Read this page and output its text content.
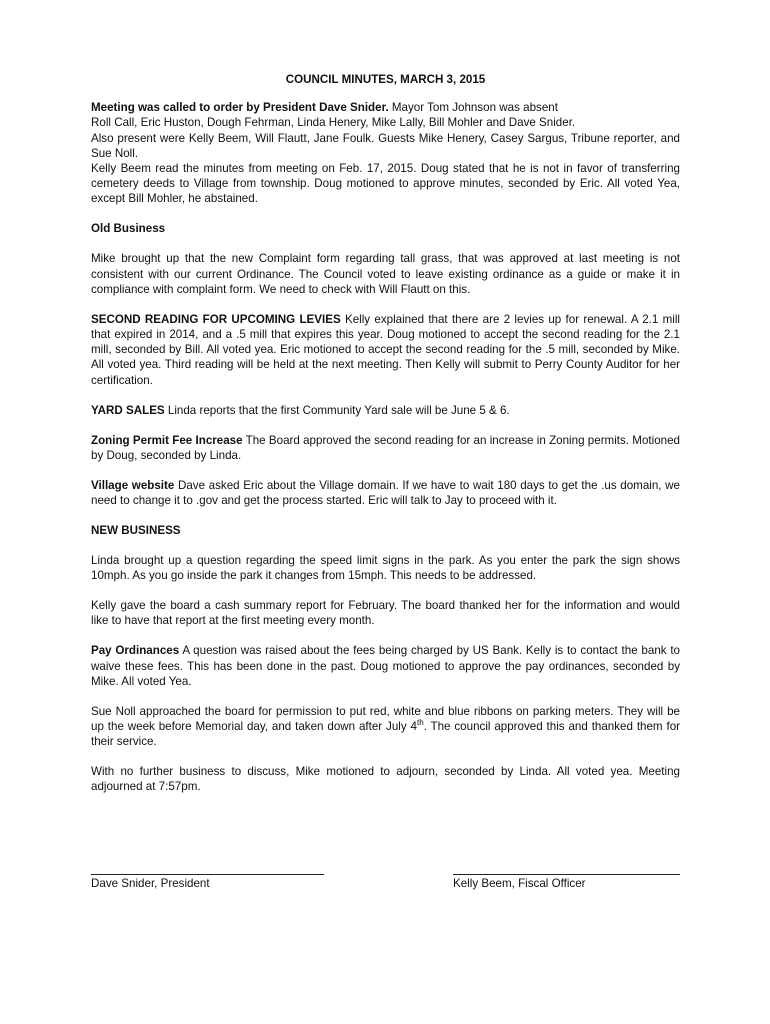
COUNCIL MINUTES, MARCH 3, 2015

Meeting was called to order by President Dave Snider. Mayor Tom Johnson was absent

Roll Call, Eric Huston, Dough Fehrman, Linda Henery, Mike Lally, Bill Mohler and Dave Snider.

Also present were Kelly Beem, Will Flautt, Jane Foulk. Guests Mike Henery, Casey Sargus, Tribune reporter, and Sue Noll.

Kelly Beem read the minutes from meeting on Feb. 17, 2015. Doug stated that he is not in favor of transferring cemetery deeds to Village from township. Doug motioned to approve minutes, seconded by Eric. All voted Yea, except Bill Mohler, he abstained.

Old Business

Mike brought up that the new Complaint form regarding tall grass, that was approved at last meeting is not consistent with our current Ordinance. The Council voted to leave existing ordinance as a guide or make it in compliance with complaint form. We need to check with Will Flautt on this.

SECOND READING FOR UPCOMING LEVIES Kelly explained that there are 2 levies up for renewal. A 2.1 mill that expired in 2014, and a .5 mill that expires this year. Doug motioned to accept the second reading for the 2.1 mill, seconded by Bill. All voted yea. Eric motioned to accept the second reading for the .5 mill, seconded by Mike. All voted yea. Third reading will be held at the next meeting. Then Kelly will submit to Perry County Auditor for her certification.

YARD SALES Linda reports that the first Community Yard sale will be June 5 & 6.

Zoning Permit Fee Increase The Board approved the second reading for an increase in Zoning permits. Motioned by Doug, seconded by Linda.

Village website Dave asked Eric about the Village domain. If we have to wait 180 days to get the .us domain, we need to change it to .gov and get the process started. Eric will talk to Jay to proceed with it.

NEW BUSINESS

Linda brought up a question regarding the speed limit signs in the park. As you enter the park the sign shows 10mph. As you go inside the park it changes from 15mph. This needs to be addressed.

Kelly gave the board a cash summary report for February. The board thanked her for the information and would like to have that report at the first meeting every month.

Pay Ordinances A question was raised about the fees being charged by US Bank. Kelly is to contact the bank to waive these fees. This has been done in the past. Doug motioned to approve the pay ordinances, seconded by Mike. All voted Yea.

Sue Noll approached the board for permission to put red, white and blue ribbons on parking meters. They will be up the week before Memorial day, and taken down after July 4th. The council approved this and thanked them for their service.

With no further business to discuss, Mike motioned to adjourn, seconded by Linda. All voted yea. Meeting adjourned at 7:57pm.

Dave Snider, President	Kelly Beem, Fiscal Officer
